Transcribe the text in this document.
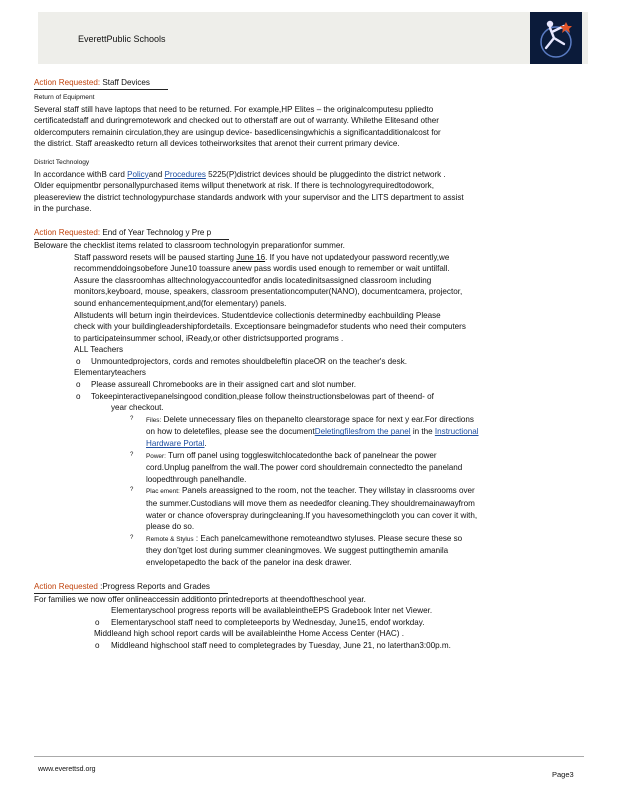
EverettPublic Schools
Action Requested: Staff Devices
Return of Equipment

Several staff still have laptops that need to be returned. For example,HP Elites – the originalcomputesu ppliedto

certificatedstaff and duringremotework and checked out to otherstaff are out of warranty. Whilethe Elitesand other

oldercomputers remainin circulation,they are usingup device- basedlicensingwhichis a significantadditionalcost for

the district. Staff areaskedto return all devices totheirworksites that arenot their current primary device.

District Technology

In accordance withB card Policyand Procedures 5225(P)district devices should be pluggedinto the district network .

Older equipmentbr personallypurchased items willput thenetwork at risk. If there is technologyrequiredtodowork,

pleasereview the district technologypurchase standards andwork with your supervisor and the LITS department to assist

in the purchase.

Action Requested: End of Year Technolog y Pre p

Beloware the checklist items related to classroom technologyin preparationfor summer.

Staff password resets will be paused starting June 16. If you have not updatedyour password recently,we

recommenddoingsobefore June10 toassure anew pass wordis used enough to remember or wait untilfall.

Assure the classroomhas alltechnologyaccountedfor andis locatedinitsassigned classroom including

monitors,keyboard, mouse, speakers, classroom presentationcomputer(NANO), documentcamera, projector,

sound enhancementequipment,and(for elementary) panels.

Allstudents will beturn ingin theirdevices. Studentdevice collectionis determinedby eachbuilding Please

check with your buildingleadershipfordetails. Exceptionsare beingmadefor students who need their computers

to participateinsummer school, iReady,or other districtsupported programs .

ALL Teachers

o Unmountedprojectors, cords and remotes shouldbeleftin placeOR on the teacher's desk.

Elementaryteachers

o Please assureall Chromebooks are in their assigned cart and slot number.

o Tokeepinteractivepanelsingood condition,please follow theinstructionsbelowas part of theend- of

year checkout.

? Files: Delete unnecessary files on thepanelto clearstorage space for next y ear.For directions

on how to deletefiles, please see the documentDeletingfilesfrom the panel in the Instructional

Hardware Portal.

? Power: Turn off panel using toggleswitchlocatedonthe back of panelnear the power

cord.Unplug panelfrom the wall.The power cord shouldremain connectedto the paneland

loopedthrough panelhandle.

? Plac ement: Panels areassigned to the room, not the teacher. They willstay in classrooms over

the summer.Custodians will move them as neededfor cleaning.They shouldremainawayfrom

water or chance ofoverspray duringcleaning.If you havesomethingcloth you can cover it with,

please do so.

? Remote & Stylus : Each panelcamewithone remoteandtwo styluses. Please secure these so

they don’tget lost during summer cleaningmoves. We suggest puttingthemin amanila

envelopetapedto the back of the panelor ina desk drawer.

Action Requested :Progress Reports and Grades

For families we now offer onlineaccessin additionto printedreports at theendoftheschool year.

Elementaryschool progress reports will be availableintheEPS Gradebook Inter net Viewer.

o Elementaryschool staff need to completeeports by Wednesday, June15, endof workday.

Middleand high school report cards will be availableinthe Home Access Center (HAC) .

o Middleand highschool staff need to completegrades by Tuesday, June 21, no laterthan3:00p.m.

www.everettsd.org
Page3
